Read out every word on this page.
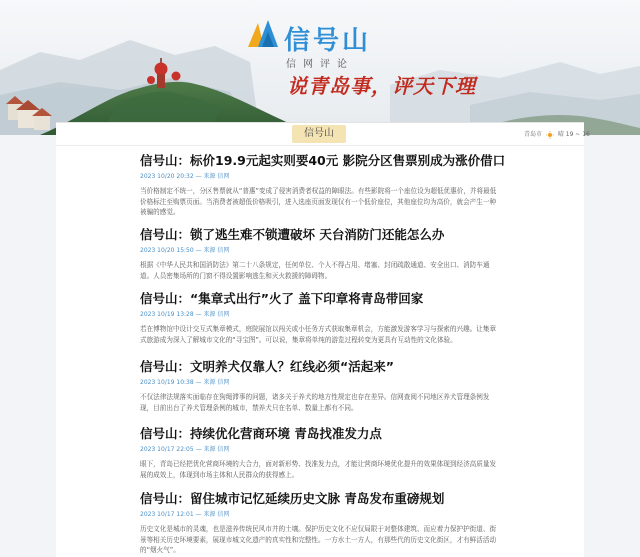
信号山
信网评论
说青岛事，评天下理
信号山	青岛市	晴 19 ~ 16
信号山：标价19.9元起实则要40元 影院分区售票别成为涨价借口
2023 10/20 20:32 — 来源 信网
当价格制定不统一，分区售票就从“普惠”变成了侵害消费者权益的障眼法。有些影院将一个座位设为超低优惠价，并将最低价格标注至购票页面。当消费者被超低价格吸引，进入选座页面发现仅有一个低价座位，其他座位均为高价，就会产生一种被骗的感觉。
信号山：锁了逃生难不锁遭破坏 天台消防门还能怎么办
2023 10/20 15:50 — 来源 信网
根据《中华人民共和国消防法》第二十八条规定，任何单位、个人不得占用、堵塞、封闭疏散通道、安全出口、消防车通道。人员密集场所的门窗不得设置影响逃生和灭火救援的障碍物。
信号山：“集章式出行”火了 盖下印章将青岛带回家
2023 10/19 13:28 — 来源 信网
若在博物馆中设计交互式集章模式，庭院展馆以闯关或小任务方式获取集章机会，方能激发游客学习与探索的兴趣。让集章式旅游成为深入了解城市文化的“寻宝图”。可以说，集章将单纯的游览过程转变为更具有互动性的文化体验。
信号山：文明养犬仅靠人？红线必须“活起来”
2023 10/19 10:38 — 来源 信网
不仅法律法规落实面临存在狗绳滞事的问题，诸多关于养犬的地方性规定也存在差异。信网查阅不同地区养犬管理条例发现，目前出台了养犬管理条例的城市，禁养犬只在名单、数量上都有不同。
信号山：持续优化营商环境 青岛找准发力点
2023 10/17 22:05 — 来源 信网
眼下，青岛已经把优化营商环境的大合力，面对新形势、找准发力点，才能让营商环境优化提升的效果体现到经济高质量发展的成效上，体现到市场主体和人民群众的获得感上。
信号山：留住城市记忆延续历史文脉 青岛发布重磅规划
2023 10/17 12:01 — 来源 信网
历史文化是城市的灵魂，也是滋养传统民风市井的土壤。保护历史文化不应仅局限于对整体建筑、而应着力保护护街道、街景等相关历史环境要素，展现市城文化遗产的真实性和完整性。一方水土一方人，有那些代的历史文化街区，才有鲜活活动的“烟火气”。
